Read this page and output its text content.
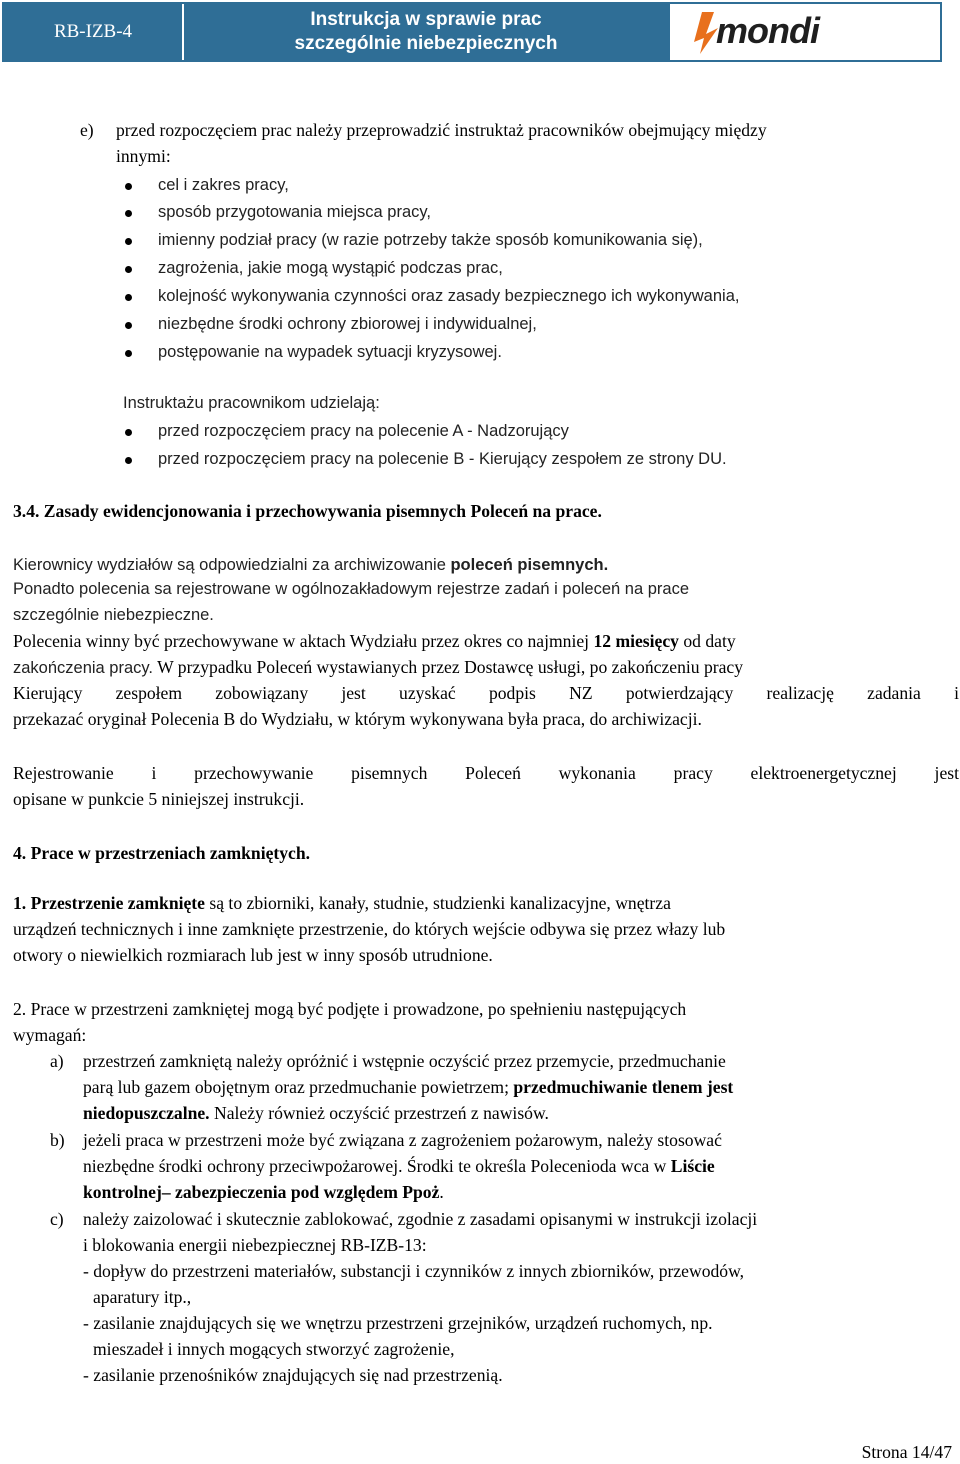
RB-IZB-4
Instrukcja w sprawie prac
szczególnie niebezpiecznych	mondi
e) przed rozpoczęciem prac należy przeprowadzić instruktaż pracowników obejmujący między
innymi:
cel i zakres pracy,
sposób przygotowania miejsca pracy,
imienny podział pracy (w razie potrzeby także sposób komunikowania się),
zagrożenia, jakie mogą wystąpić podczas prac,
kolejność wykonywania czynności oraz zasady bezpiecznego ich wykonywania,
niezbędne środki ochrony zbiorowej i indywidualnej,
postępowanie na wypadek sytuacji kryzysowej.
Instruktażu pracownikom udzielają:
przed rozpoczęciem pracy na polecenie A - Nadzorujący
przed rozpoczęciem pracy na polecenie B - Kierujący zespołem ze strony DU.
3.4. Zasady ewidencjonowania i przechowywania pisemnych Poleceń na prace.
Kierownicy wydziałów są odpowiedzialni za archiwizowanie poleceń pisemnych.
Ponadto polecenia sa rejestrowane w ogólnozakładowym rejestrze zadań i poleceń na prace
szczególnie niebezpieczne.
Polecenia winny być przechowywane w aktach Wydziału przez okres co najmniej 12 miesięcy od daty
zakończenia pracy. W przypadku Poleceń wystawianych przez Dostawcę usługi, po zakończeniu pracy
Kierujący zespołem zobowiązany jest uzyskać podpis NZ potwierdzający realizację zadania i
przekazać oryginał Polecenia B do Wydziału, w którym wykonywana była praca, do archiwizacji.
Rejestrowanie i przechowywanie pisemnych Poleceń wykonania pracy elektroenergetycznej jest
opisane w punkcie 5 niniejszej instrukcji.
4. Prace w przestrzeniach zamkniętych.
1. Przestrzenie zamknięte są to zbiorniki, kanały, studnie, studzienki kanalizacyjne, wnętrza
urządzeń technicznych i inne zamknięte przestrzenie, do których wejście odbywa się przez włazy lub
otwory o niewielkich rozmiarach lub jest w inny sposób utrudnione.
2. Prace w przestrzeni zamkniętej mogą być podjęte i prowadzone, po spełnieniu następujących
wymagań:
a) przestrzeń zamkniętą należy opróżnić i wstępnie oczyścić przez przemycie, przedmuchanie
parą lub gazem obojętnym oraz przedmuchanie powietrzem; przedmuchiwanie tlenem jest
niedopuszczalne. Należy również oczyścić przestrzeń z nawisów.
b) jeżeli praca w przestrzeni może być związana z zagrożeniem pożarowym, należy stosować
niezbędne środki ochrony przeciwpożarowej. Środki te określa Polecenioda wca w Liście
kontrolnej– zabezpieczenia pod względem Ppoż.
c) należy zaizolować i skutecznie zablokować, zgodnie z zasadami opisanymi w instrukcji izolacji
i blokowania energii niebezpiecznej RB-IZB-13:
- dopływ do przestrzeni materiałów, substancji i czynników z innych zbiorników, przewodów,
aparatury itp.,
- zasilanie znajdujących się we wnętrzu przestrzeni grzejników, urządzeń ruchomych, np.
mieszadeł i innych mogących stworzyć zagrożenie,
- zasilanie przenośników znajdujących się nad przestrzenią.
Strona 14/47
